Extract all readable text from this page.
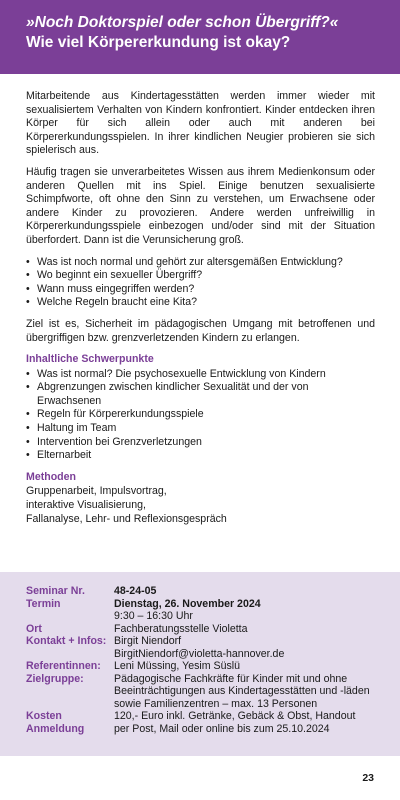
»Noch Doktorspiel oder schon Übergriff?«
Wie viel Körpererkundung ist okay?

Mitarbeitende aus Kindertagesstätten werden immer wieder mit sexualisiertem Verhalten von Kindern konfrontiert. Kinder entdecken ihren Körper für sich allein oder auch mit anderen bei Körpererkundungsspielen. In ihrer kindlichen Neugier probieren sie sich spielerisch aus.

Häufig tragen sie unverarbeitetes Wissen aus ihrem Medienkonsum oder anderen Quellen mit ins Spiel. Einige benutzen sexualisierte Schimpfworte, oft ohne den Sinn zu verstehen, um Erwachsene oder andere Kinder zu provozieren. Andere werden unfreiwillig in Körpererkundungsspiele einbezogen und/oder sind mit der Situation überfordert. Dann ist die Verunsicherung groß.

• Was ist noch normal und gehört zur altersgemäßen Entwicklung?
• Wo beginnt ein sexueller Übergriff?
• Wann muss eingegriffen werden?
• Welche Regeln braucht eine Kita?

Ziel ist es, Sicherheit im pädagogischen Umgang mit betroffenen und übergriffigen bzw. grenzverletzenden Kindern zu erlangen.

Inhaltliche Schwerpunkte
• Was ist normal? Die psychosexuelle Entwicklung von Kindern
• Abgrenzungen zwischen kindlicher Sexualität und der von Erwachsenen
• Regeln für Körpererkundungsspiele
• Haltung im Team
• Intervention bei Grenzverletzungen
• Elternarbeit
Methoden
Gruppenarbeit, Impulsvortrag,
interaktive Visualisierung,
Fallanalyse, Lehr- und Reflexionsgespräch
Seminar Nr.	48-24-05
Termin	Dienstag, 26. November 2024
9:30 – 16:30 Uhr
Ort	Fachberatungsstelle Violetta
Kontakt + Infos: Birgit Niendorf
BirgitNiendorf@violetta-hannover.de
Referentinnen:	Leni Müssing, Yesim Süslü
Zielgruppe:	Pädagogische Fachkräfte für Kinder mit und ohne Beeinträchtigungen aus Kindertagesstätten und -läden sowie Familienzentren – max. 13 Personen
Kosten	120,- Euro inkl. Getränke, Gebäck & Obst, Handout
Anmeldung	per Post, Mail oder online bis zum 25.10.2024
23
